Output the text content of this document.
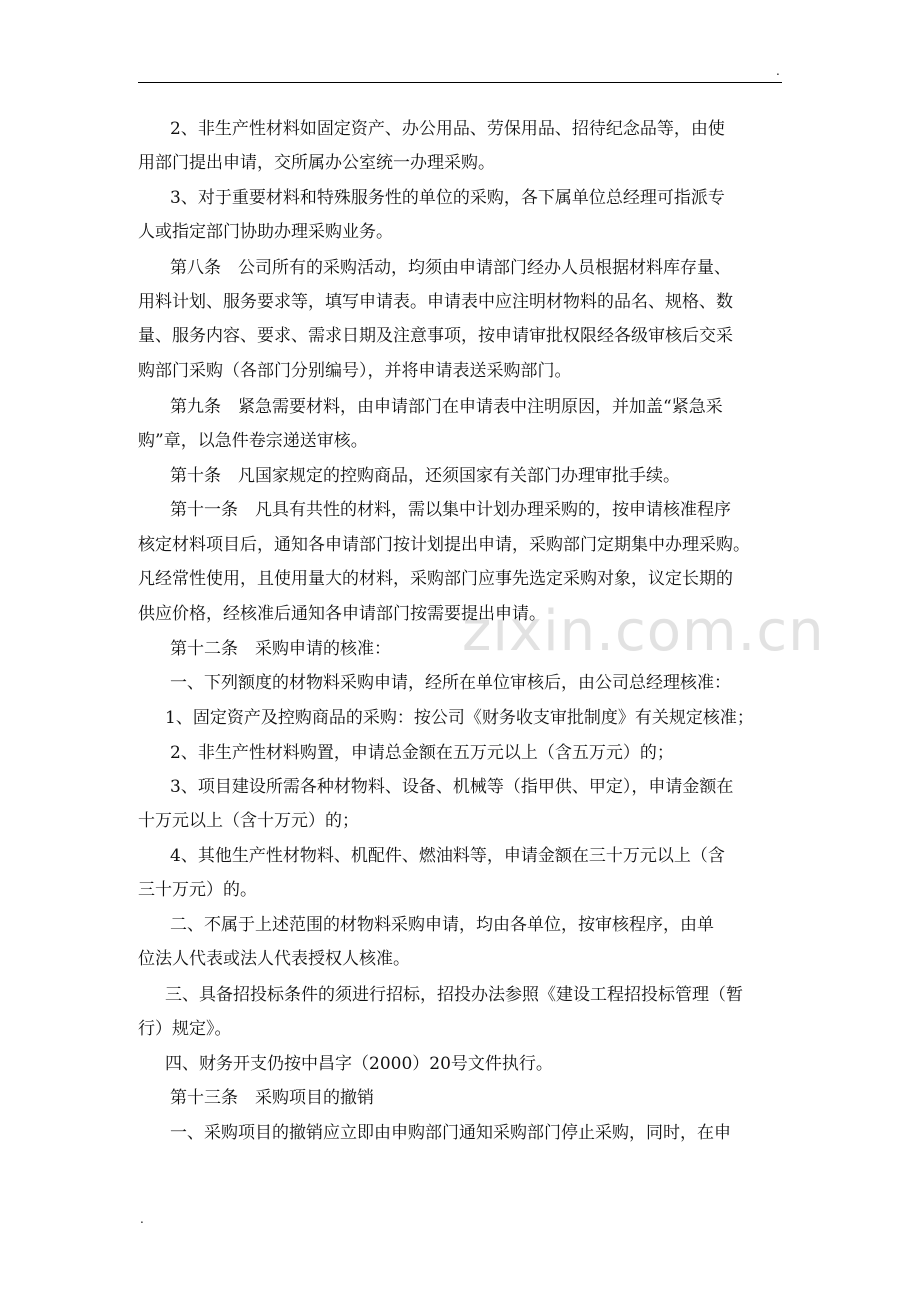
.
zixin.com.cn
2、非生产性材料如固定资产、办公用品、劳保用品、招待纪念品等，由使
用部门提出申请，交所属办公室统一办理采购。
3、对于重要材料和特殊服务性的单位的采购，各下属单位总经理可指派专
人或指定部门协助办理采购业务。
第八条　公司所有的采购活动，均须由申请部门经办人员根据材料库存量、
用料计划、服务要求等，填写申请表。申请表中应注明材物料的品名、规格、数
量、服务内容、要求、需求日期及注意事项，按申请审批权限经各级审核后交采
购部门采购（各部门分别编号），并将申请表送采购部门。
第九条　紧急需要材料，由申请部门在申请表中注明原因，并加盖“紧急采
购”章，以急件卷宗递送审核。
第十条　凡国家规定的控购商品，还须国家有关部门办理审批手续。
第十一条　凡具有共性的材料，需以集中计划办理采购的，按申请核准程序
核定材料项目后，通知各申请部门按计划提出申请，采购部门定期集中办理采购。
凡经常性使用，且使用量大的材料，采购部门应事先选定采购对象，议定长期的
供应价格，经核准后通知各申请部门按需要提出申请。
第十二条　采购申请的核准：
一、下列额度的材物料采购申请，经所在单位审核后，由公司总经理核准：
1、固定资产及控购商品的采购：按公司《财务收支审批制度》有关规定核准；
2、非生产性材料购置，申请总金额在五万元以上（含五万元）的；
3、项目建设所需各种材物料、设备、机械等（指甲供、甲定），申请金额在
十万元以上（含十万元）的；
4、其他生产性材物料、机配件、燃油料等，申请金额在三十万元以上（含
三十万元）的。
二、不属于上述范围的材物料采购申请，均由各单位，按审核程序，由单
位法人代表或法人代表授权人核准。
三、具备招投标条件的须进行招标，招投办法参照《建设工程招投标管理（暂
行）规定》。
四、财务开支仍按中昌字（2000）20号文件执行。
第十三条　采购项目的撤销
一、采购项目的撤销应立即由申购部门通知采购部门停止采购，同时，在申
.
